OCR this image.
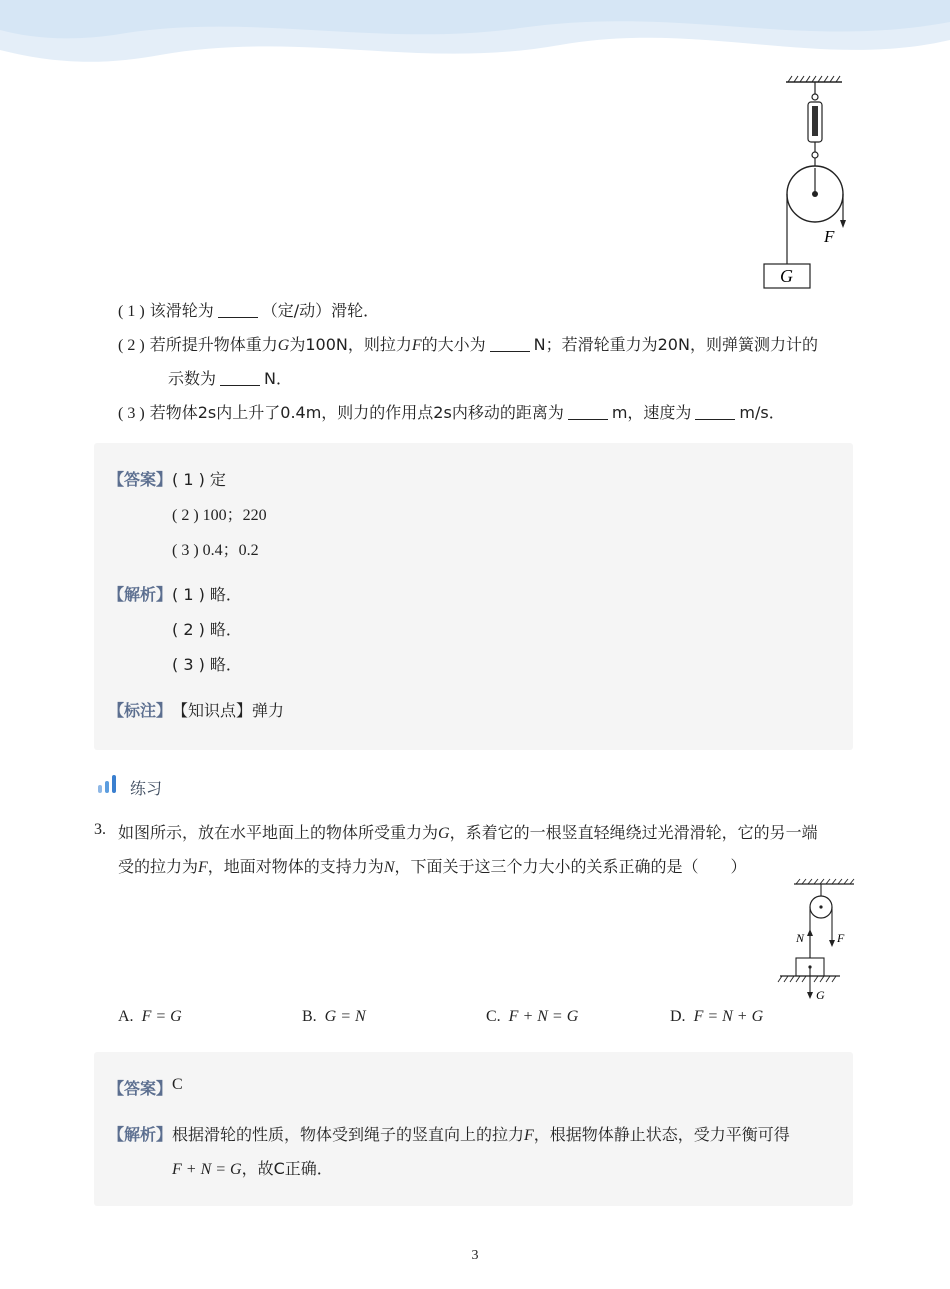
F
G
( 1 ) 该滑轮为	（定/动）滑轮．
( 2 ) 若所提升物体重力G为100N，则拉力F的大小为	N；若滑轮重力为20N，则弹簧测力计的
示数为	N．
( 3 ) 若物体2s内上升了0.4m，则力的作用点2s内移动的距离为	m，速度为	m/s．
【答案】 ( 1 ) 定
( 2 ) 100；220
( 3 ) 0.4；0.2
【解析】 ( 1 ) 略．
( 2 ) 略．
( 3 ) 略．
【标注】 【知识点】弹力
练习
3. 如图所示，放在水平地面上的物体所受重力为G，系着它的一根竖直轻绳绕过光滑滑轮，它的另一端
受的拉力为F，地面对物体的支持力为N，下面关于这三个力大小的关系正确的是（　　）
N	F
G
A. F = G	B. G = N	C. F + N = G	D. F = N + G
【答案】 C
【解析】 根据滑轮的性质，物体受到绳子的竖直向上的拉力F，根据物体静止状态，受力平衡可得
F + N = G，故C正确．
3
